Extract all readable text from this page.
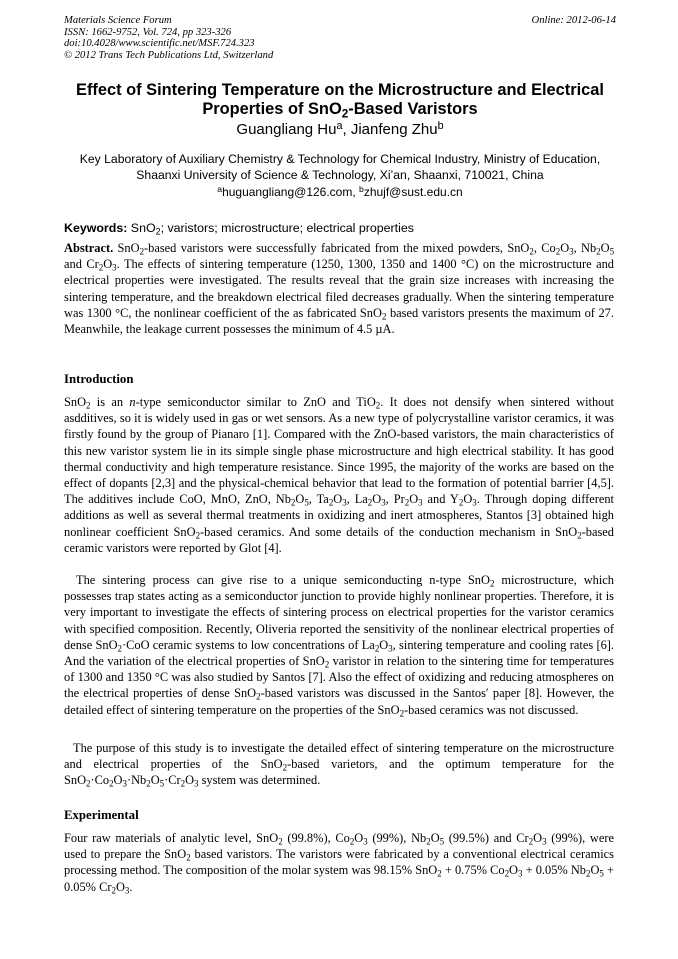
Materials Science Forum
ISSN: 1662-9752, Vol. 724, pp 323-326
doi:10.4028/www.scientific.net/MSF.724.323
© 2012 Trans Tech Publications Ltd, Switzerland
Online: 2012-06-14
Effect of Sintering Temperature on the Microstructure and Electrical
Properties of SnO$_2$-Based Varistors
Guangliang Hu$^a$, Jianfeng Zhu$^b$
Key Laboratory of Auxiliary Chemistry & Technology for Chemical Industry, Ministry of Education,
Shaanxi University of Science & Technology, Xi’an, Shaanxi, 710021, China
$^a$huguangliang@126.com, $^b$zhujf@sust.edu.cn
Keywords: SnO$_2$; varistors; microstructure; electrical properties
Abstract. SnO$_2$-based varistors were successfully fabricated from the mixed powders, SnO$_2$, $Co_2O_3$, $Nb_2O_5$ and $Cr_2O_3$. The effects of sintering temperature (1250, 1300, 1350 and 1400 °C) on the microstructure and electrical properties were investigated. The results reveal that the grain size increases with increasing the sintering temperature, and the breakdown electrical filed decreases gradually. When the sintering temperature was 1300 °C, the nonlinear coefficient of the as fabricated SnO$_2$ based varistors presents the maximum of 27. Meanwhile, the leakage current possesses the minimum of 4.5 µA.
Introduction
SnO$_2$ is an n-type semiconductor similar to ZnO and TiO$_2$. It does not densify when sintered without asdditives, so it is widely used in gas or wet sensors. As a new type of polycrystalline varistor ceramics, it was firstly found by the group of Pianaro [1]. Compared with the ZnO-based varistors, the main characteristics of this new varistor system lie in its simple single phase microstructure and high electrical stability. It has good thermal conductivity and high temperature resistance. Since 1995, the majority of the works are based on the effect of dopants [2,3] and the physical-chemical behavior that lead to the formation of potential barrier [4,5]. The additives include CoO, MnO, ZnO, $Nb_2O_5$, $Ta_2O_3$, $La_2O_3$, $Pr_2O_3$ and $Y_2O_3$. Through doping different additions as well as several thermal treatments in oxidizing and inert atmospheres, Stantos [3] obtained high nonlinear coefficient SnO$_2$-based ceramics. And some details of the conduction mechanism in SnO$_2$-based ceramic varistors were reported by Glot [4].
The sintering process can give rise to a unique semiconducting n-type SnO$_2$ microstructure, which possesses trap states acting as a semiconductor junction to provide highly nonlinear properties. Therefore, it is very important to investigate the effects of sintering process on electrical properties for the varistor ceramics with specified composition. Recently, Oliveria reported the sensitivity of the nonlinear electrical properties of dense SnO$_2$·CoO ceramic systems to low concentrations of $La_2O_3$, sintering temperature and cooling rates [6]. And the variation of the electrical properties of SnO$_2$ varistor in relation to the sintering time for temperatures of 1300 and 1350 °C was also studied by Santos [7]. Also the effect of oxidizing and reducing atmospheres on the electrical properties of dense SnO$_2$-based varistors was discussed in the Santos′ paper [8]. However, the detailed effect of sintering temperature on the properties of the SnO$_2$-based ceramics was not discussed.
The purpose of this study is to investigate the detailed effect of sintering temperature on the microstructure and electrical properties of the SnO$_2$-based varietors, and the optimum temperature for the $SnO_2\cdot Co_2O_3\cdot Nb_2O_5\cdot Cr_2O_3$ system was determined.
Experimental
Four raw materials of analytic level, SnO$_2$ (99.8%), $Co_2O_3$ (99%), $Nb_2O_5$ (99.5%) and $Cr_2O_3$ (99%), were used to prepare the SnO$_2$ based varistors. The varistors were fabricated by a conventional electrical ceramics processing method. The composition of the molar system was 98.15% SnO$_2$ + 0.75% $Co_2O_3 + 0.05\%$ $Nb_2O_5 + 0.05\%$ $Cr_2O_3$.
